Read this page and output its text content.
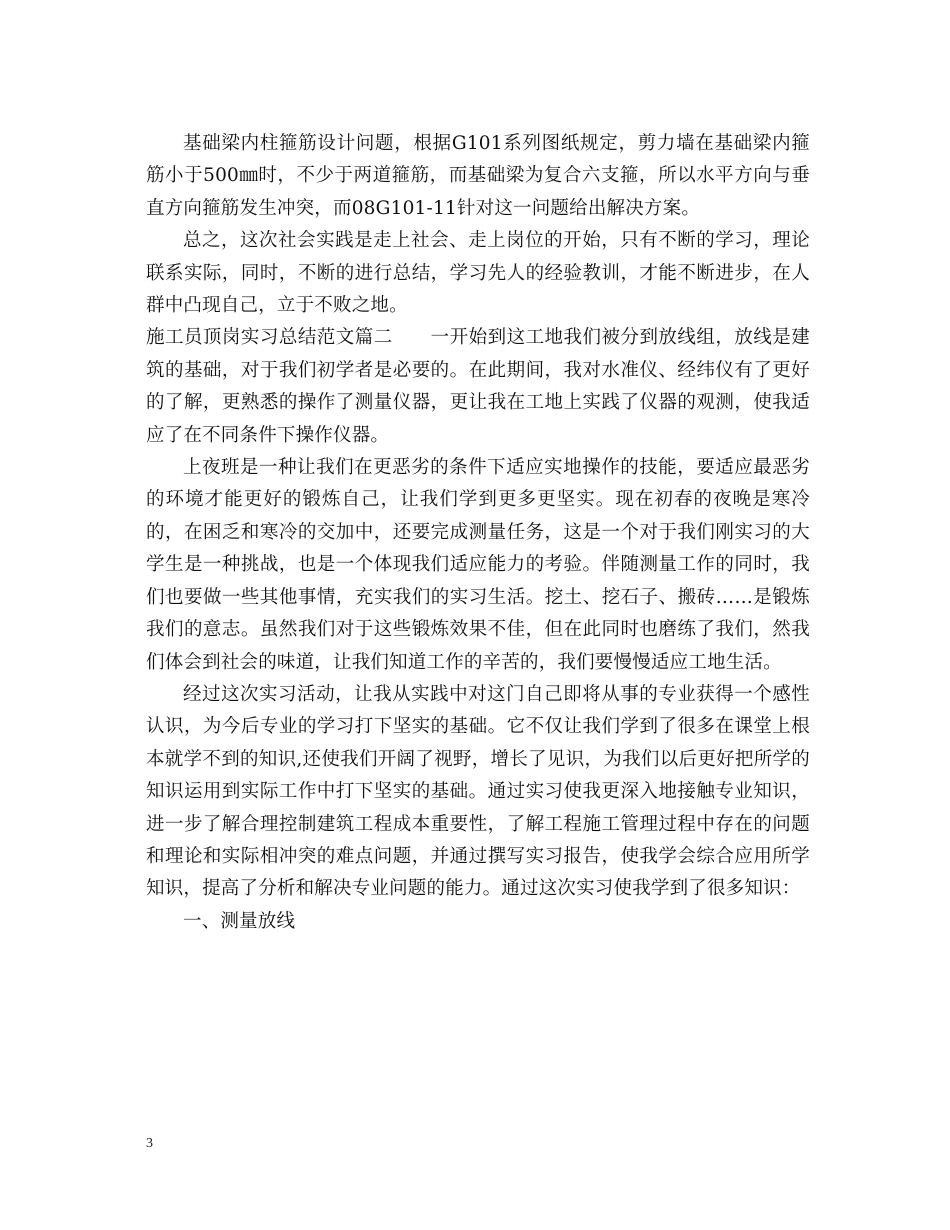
基础梁内柱箍筋设计问题，根据G101系列图纸规定，剪力墙在基础梁内箍筋小于500㎜时，不少于两道箍筋，而基础梁为复合六支箍，所以水平方向与垂直方向箍筋发生冲突，而08G101-11针对这一问题给出解决方案。

总之，这次社会实践是走上社会、走上岗位的开始，只有不断的学习，理论联系实际，同时，不断的进行总结，学习先人的经验教训，才能不断进步，在人群中凸现自己，立于不败之地。

施工员顶岗实习总结范文篇二　　一开始到这工地我们被分到放线组，放线是建筑的基础，对于我们初学者是必要的。在此期间，我对水准仪、经纬仪有了更好的了解，更熟悉的操作了测量仪器，更让我在工地上实践了仪器的观测，使我适应了在不同条件下操作仪器。

上夜班是一种让我们在更恶劣的条件下适应实地操作的技能，要适应最恶劣的环境才能更好的锻炼自己，让我们学到更多更坚实。现在初春的夜晚是寒冷的，在困乏和寒冷的交加中，还要完成测量任务，这是一个对于我们刚实习的大学生是一种挑战，也是一个体现我们适应能力的考验。伴随测量工作的同时，我们也要做一些其他事情，充实我们的实习生活。挖土、挖石子、搬砖……是锻炼我们的意志。虽然我们对于这些锻炼效果不佳，但在此同时也磨练了我们，然我们体会到社会的味道，让我们知道工作的辛苦的，我们要慢慢适应工地生活。

经过这次实习活动，让我从实践中对这门自己即将从事的专业获得一个感性认识，为今后专业的学习打下坚实的基础。它不仅让我们学到了很多在课堂上根本就学不到的知识,还使我们开阔了视野，增长了见识，为我们以后更好把所学的知识运用到实际工作中打下坚实的基础。通过实习使我更深入地接触专业知识，进一步了解合理控制建筑工程成本重要性，了解工程施工管理过程中存在的问题和理论和实际相冲突的难点问题，并通过撰写实习报告，使我学会综合应用所学知识，提高了分析和解决专业问题的能力。通过这次实习使我学到了很多知识：

一、测量放线

3
